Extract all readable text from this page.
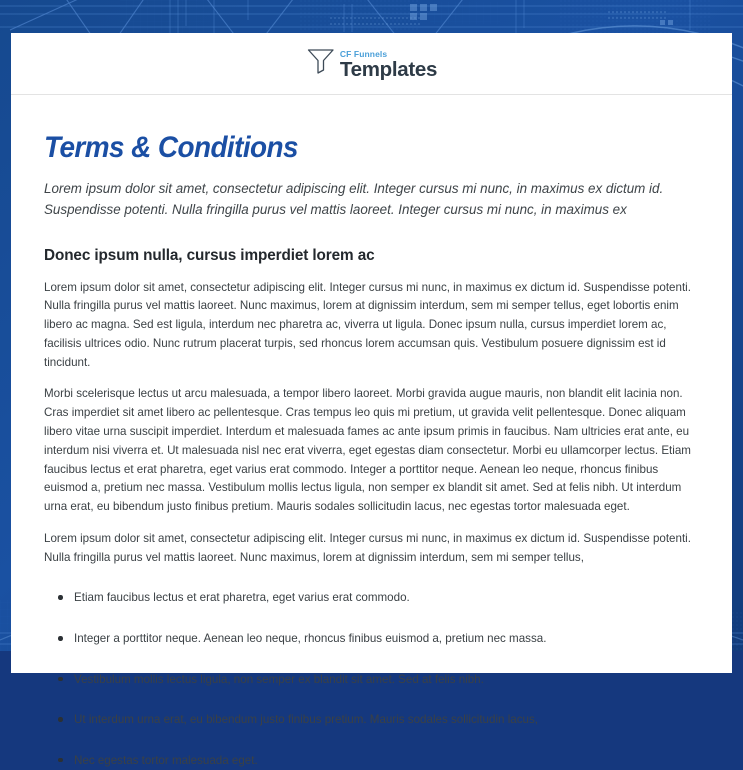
CF Funnels
Templates
Terms & Conditions

Lorem ipsum dolor sit amet, consectetur adipiscing elit. Integer cursus mi nunc, in maximus ex dictum id. Suspendisse potenti. Nulla fringilla purus vel mattis laoreet. Integer cursus mi nunc, in maximus ex

Donec ipsum nulla, cursus imperdiet lorem ac

Lorem ipsum dolor sit amet, consectetur adipiscing elit. Integer cursus mi nunc, in maximus ex dictum id. Suspendisse potenti. Nulla fringilla purus vel mattis laoreet. Nunc maximus, lorem at dignissim interdum, sem mi semper tellus, eget lobortis enim libero ac magna. Sed est ligula, interdum nec pharetra ac, viverra ut ligula. Donec ipsum nulla, cursus imperdiet lorem ac, facilisis ultrices odio. Nunc rutrum placerat turpis, sed rhoncus lorem accumsan quis. Vestibulum posuere dignissim est id tincidunt.

Morbi scelerisque lectus ut arcu malesuada, a tempor libero laoreet. Morbi gravida augue mauris, non blandit elit lacinia non. Cras imperdiet sit amet libero ac pellentesque. Cras tempus leo quis mi pretium, ut gravida velit pellentesque. Donec aliquam libero vitae urna suscipit imperdiet. Interdum et malesuada fames ac ante ipsum primis in faucibus. Nam ultricies erat ante, eu interdum nisi viverra et. Ut malesuada nisl nec erat viverra, eget egestas diam consectetur. Morbi eu ullamcorper lectus. Etiam faucibus lectus et erat pharetra, eget varius erat commodo. Integer a porttitor neque. Aenean leo neque, rhoncus finibus euismod a, pretium nec massa. Vestibulum mollis lectus ligula, non semper ex blandit sit amet. Sed at felis nibh. Ut interdum urna erat, eu bibendum justo finibus pretium. Mauris sodales sollicitudin lacus, nec egestas tortor malesuada eget.

Lorem ipsum dolor sit amet, consectetur adipiscing elit. Integer cursus mi nunc, in maximus ex dictum id. Suspendisse potenti. Nulla fringilla purus vel mattis laoreet. Nunc maximus, lorem at dignissim interdum, sem mi semper tellus,

Etiam faucibus lectus et erat pharetra, eget varius erat commodo.
Integer a porttitor neque. Aenean leo neque, rhoncus finibus euismod a, pretium nec massa.
Vestibulum mollis lectus ligula, non semper ex blandit sit amet. Sed at felis nibh.
Ut interdum urna erat, eu bibendum justo finibus pretium. Mauris sodales sollicitudin lacus,
Nec egestas tortor malesuada eget.
